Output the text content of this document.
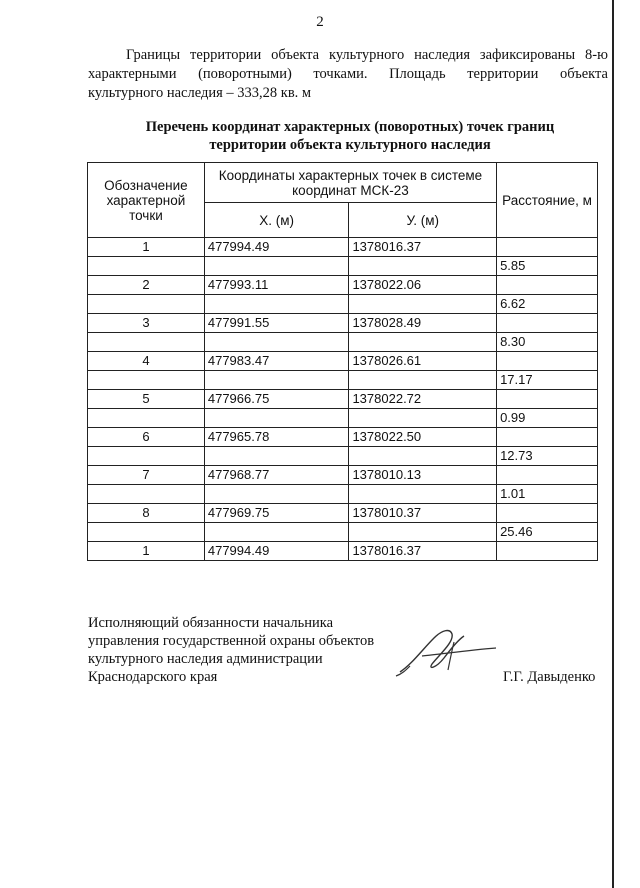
2
Границы территории объекта культурного наследия зафиксированы 8-ю
характерными (поворотными) точками. Площадь территории объекта
культурного наследия – 333,28 кв. м
Перечень координат характерных (поворотных) точек границ
территории объекта культурного наследия
Обозначение характерной точки	Координаты характерных точек в системе координат МСК-23		Расстояние, м
	Х. (м)	У. (м)	
1	477994.49	1378016.37	
			5.85
2	477993.11	1378022.06	
			6.62
3	477991.55	1378028.49	
			8.30
4	477983.47	1378026.61	
			17.17
5	477966.75	1378022.72	
			0.99
6	477965.78	1378022.50	
			12.73
7	477968.77	1378010.13	
			1.01
8	477969.75	1378010.37	
			25.46
1	477994.49	1378016.37	
Исполняющий обязанности начальника
управления государственной охраны объектов
культурного наследия администрации
Краснодарского края	Г.Г. Давыденко
